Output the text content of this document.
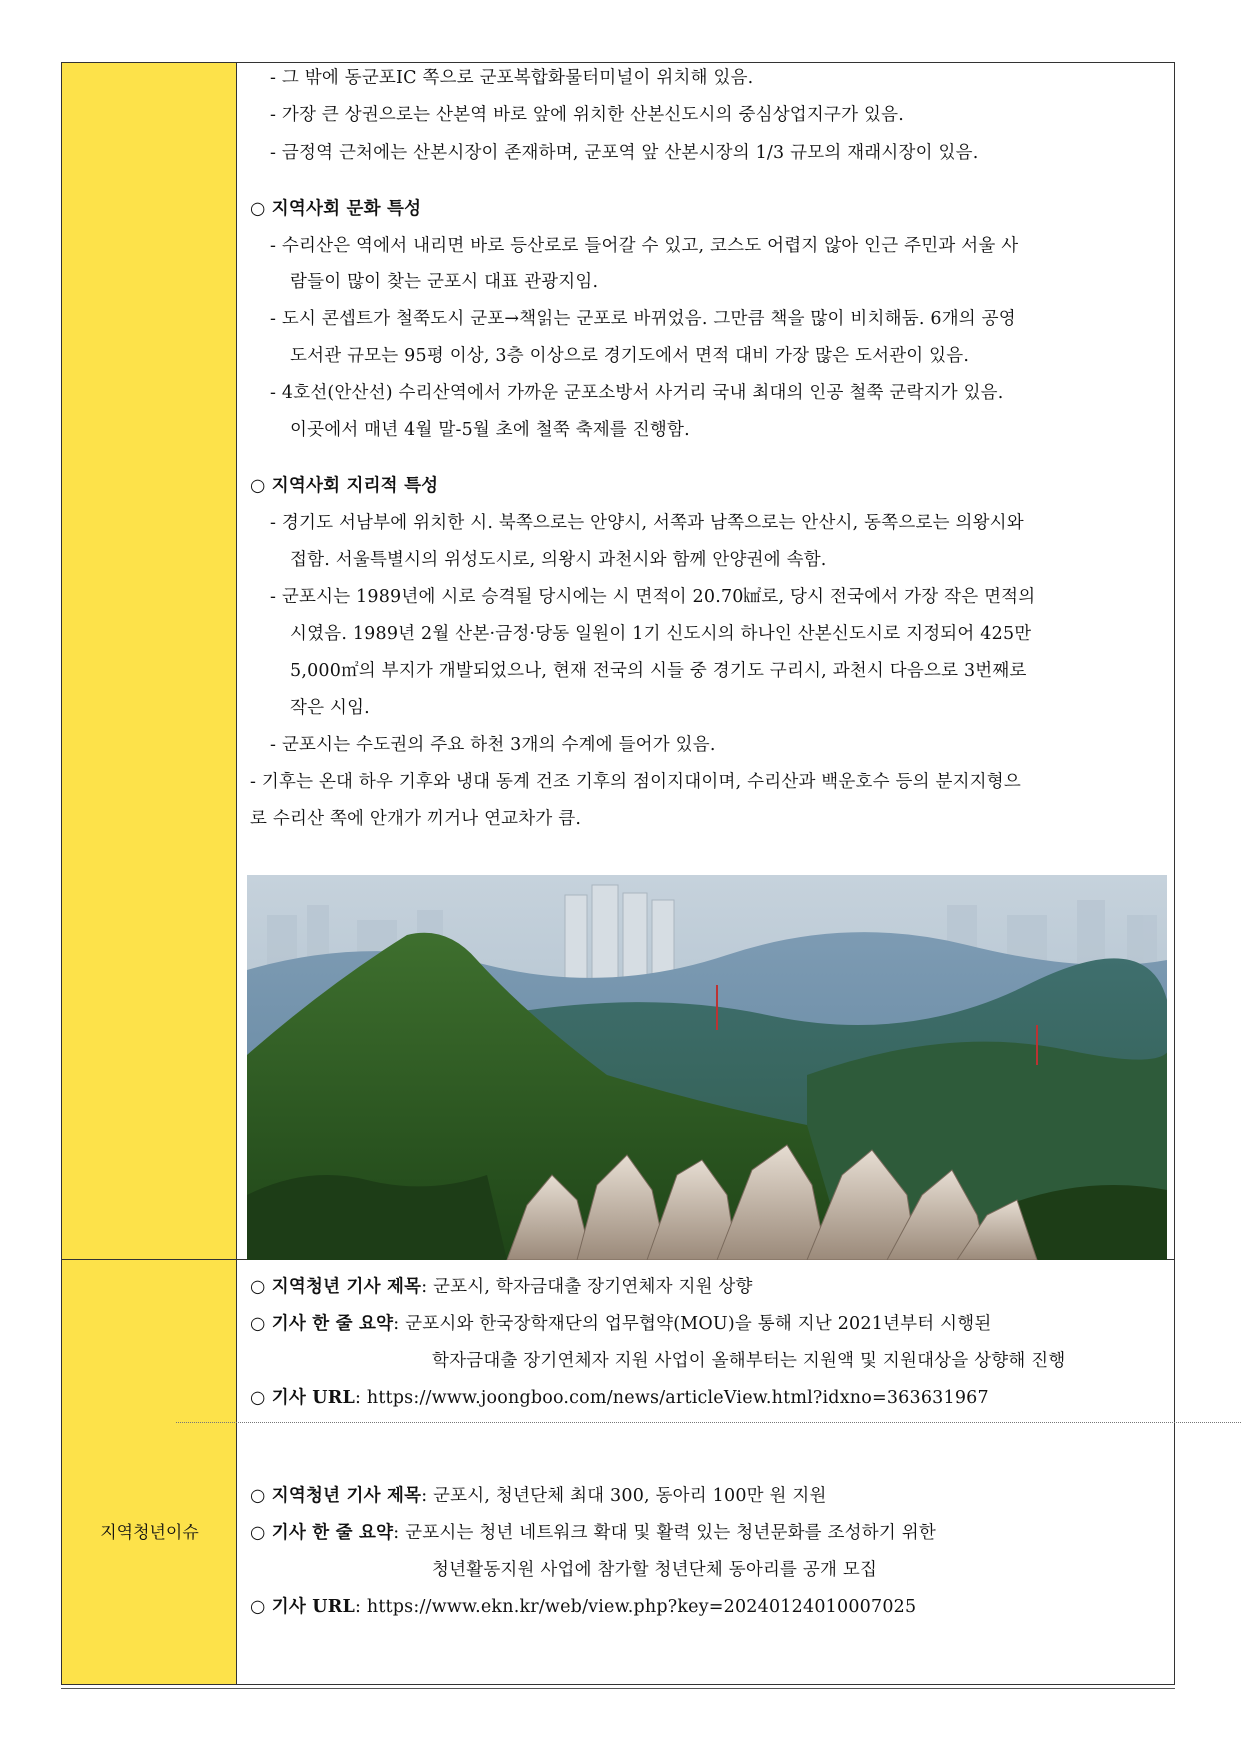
지역청년이슈
- 그 밖에 동군포IC 쪽으로 군포복합화물터미널이 위치해 있음.
- 가장 큰 상권으로는 산본역 바로 앞에 위치한 산본신도시의 중심상업지구가 있음.
- 금정역 근처에는 산본시장이 존재하며, 군포역 앞 산본시장의 1/3 규모의 재래시장이 있음.
○ 지역사회 문화 특성
- 수리산은 역에서 내리면 바로 등산로로 들어갈 수 있고, 코스도 어렵지 않아 인근 주민과 서울 사
람들이 많이 찾는 군포시 대표 관광지임.
- 도시 콘셉트가 철쭉도시 군포→책읽는 군포로 바뀌었음. 그만큼 책을 많이 비치해둠. 6개의 공영
도서관 규모는 95평 이상, 3층 이상으로 경기도에서 면적 대비 가장 많은 도서관이 있음.
- 4호선(안산선) 수리산역에서 가까운 군포소방서 사거리 국내 최대의 인공 철쭉 군락지가 있음.
이곳에서 매년 4월 말-5월 초에 철쭉 축제를 진행함.
○ 지역사회 지리적 특성
- 경기도 서남부에 위치한 시. 북쪽으로는 안양시, 서쪽과 남쪽으로는 안산시, 동쪽으로는 의왕시와
접함. 서울특별시의 위성도시로, 의왕시 과천시와 함께 안양권에 속함.
- 군포시는 1989년에 시로 승격될 당시에는 시 면적이 20.70㎢로, 당시 전국에서 가장 작은 면적의
시였음. 1989년 2월 산본·금정·당동 일원이 1기 신도시의 하나인 산본신도시로 지정되어 425만
5,000㎡의 부지가 개발되었으나, 현재 전국의 시들 중 경기도 구리시, 과천시 다음으로 3번째로
작은 시임.
- 군포시는 수도권의 주요 하천 3개의 수계에 들어가 있음.
- 기후는 온대 하우 기후와 냉대 동계 건조 기후의 점이지대이며, 수리산과 백운호수 등의 분지지형으
로 수리산 쪽에 안개가 끼거나 연교차가 큼.
○ 지역청년 기사 제목: 군포시, 학자금대출 장기연체자 지원 상향
○ 기사 한 줄 요약: 군포시와 한국장학재단의 업무협약(MOU)을 통해 지난 2021년부터 시행된
학자금대출 장기연체자 지원 사업이 올해부터는 지원액 및 지원대상을 상향해 진행
○ 기사 URL: https://www.joongboo.com/news/articleView.html?idxno=363631967
○ 지역청년 기사 제목: 군포시, 청년단체 최대 300, 동아리 100만 원 지원
○ 기사 한 줄 요약: 군포시는 청년 네트워크 확대 및 활력 있는 청년문화를 조성하기 위한
청년활동지원 사업에 참가할 청년단체 동아리를 공개 모집
○ 기사 URL: https://www.ekn.kr/web/view.php?key=20240124010007025
